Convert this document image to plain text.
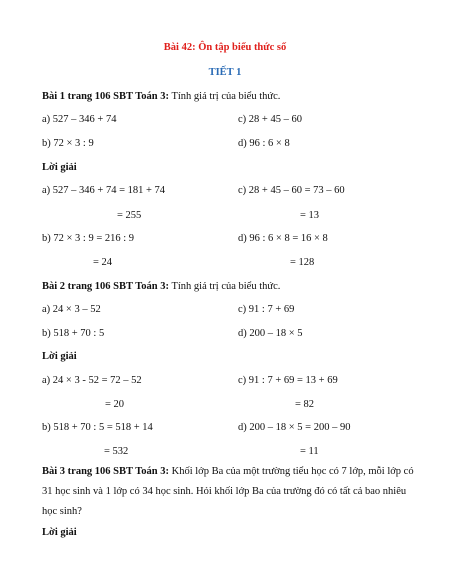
Bài 42: Ôn tập biểu thức số
TIẾT 1
Bài 1 trang 106 SBT Toán 3: Tính giá trị của biểu thức.
a) 527 – 346 + 74	c) 28 + 45 – 60
b) 72 × 3 : 9	d) 96 : 6 × 8
Lời giải
a) 527 – 346 + 74 = 181 + 74	c) 28 + 45 – 60 = 73 – 60
= 255	= 13
b) 72 × 3 : 9 = 216 : 9	d) 96 : 6 × 8 = 16 × 8
= 24	= 128
Bài 2 trang 106 SBT Toán 3: Tính giá trị của biểu thức.
a) 24 × 3 – 52	c) 91 : 7 + 69
b) 518 + 70 : 5	d) 200 – 18 × 5
Lời giải
a) 24 × 3 - 52 = 72 – 52	c) 91 : 7 + 69 = 13 + 69
= 20	= 82
b) 518 + 70 : 5 = 518 + 14	d) 200 – 18 × 5 = 200 – 90
= 532	= 11
Bài 3 trang 106 SBT Toán 3: Khối lớp Ba của một trường tiểu học có 7 lớp, mỗi lớp có 31 học sinh và 1 lớp có 34 học sinh. Hỏi khối lớp Ba của trường đó có tất cả bao nhiêu học sinh?
Lời giải
